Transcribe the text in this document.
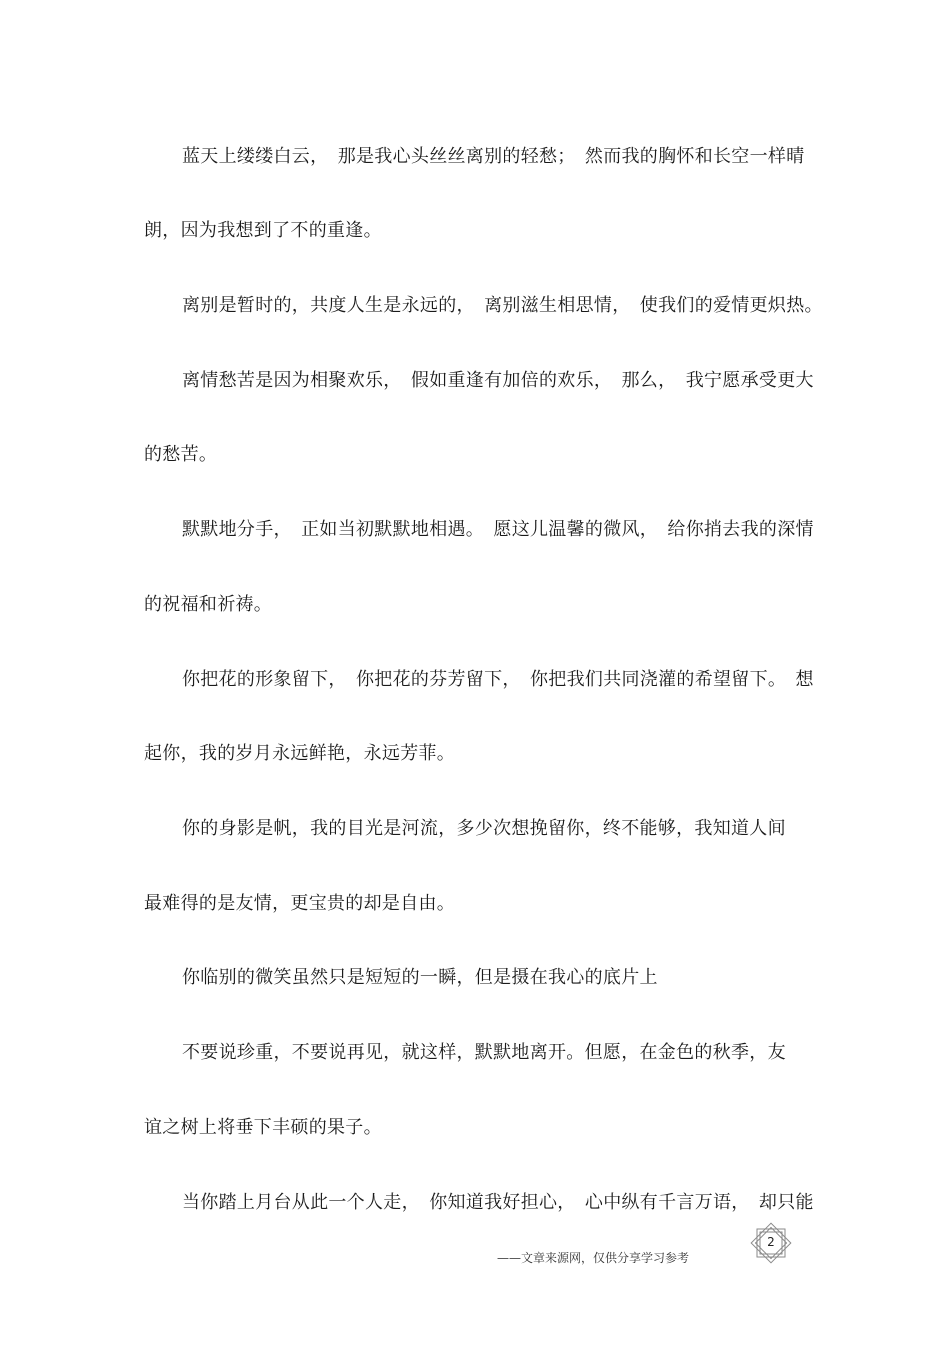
蓝天上缕缕白云，　那是我心头丝丝离别的轻愁；　然而我的胸怀和长空一样晴
朗，因为我想到了不的重逢。
离别是暂时的，共度人生是永远的，　离别滋生相思情，　使我们的爱情更炽热。
离情愁苦是因为相聚欢乐，　假如重逢有加倍的欢乐，　那么，　我宁愿承受更大
的愁苦。
默默地分手，　正如当初默默地相遇。　愿这儿温馨的微风，　给你捎去我的深情
的祝福和祈祷。
你把花的形象留下，　你把花的芬芳留下，　你把我们共同浇灌的希望留下。　想
起你，我的岁月永远鲜艳，永远芳菲。
你的身影是帆，我的目光是河流，多少次想挽留你，终不能够，我知道人间
最难得的是友情，更宝贵的却是自由。
你临别的微笑虽然只是短短的一瞬，但是摄在我心的底片上
不要说珍重，不要说再见，就这样，默默地离开。但愿，在金色的秋季，友
谊之树上将垂下丰硕的果子。
当你踏上月台从此一个人走，　你知道我好担心，　心中纵有千言万语，　却只能
2
——文章来源网，仅供分享学习参考
